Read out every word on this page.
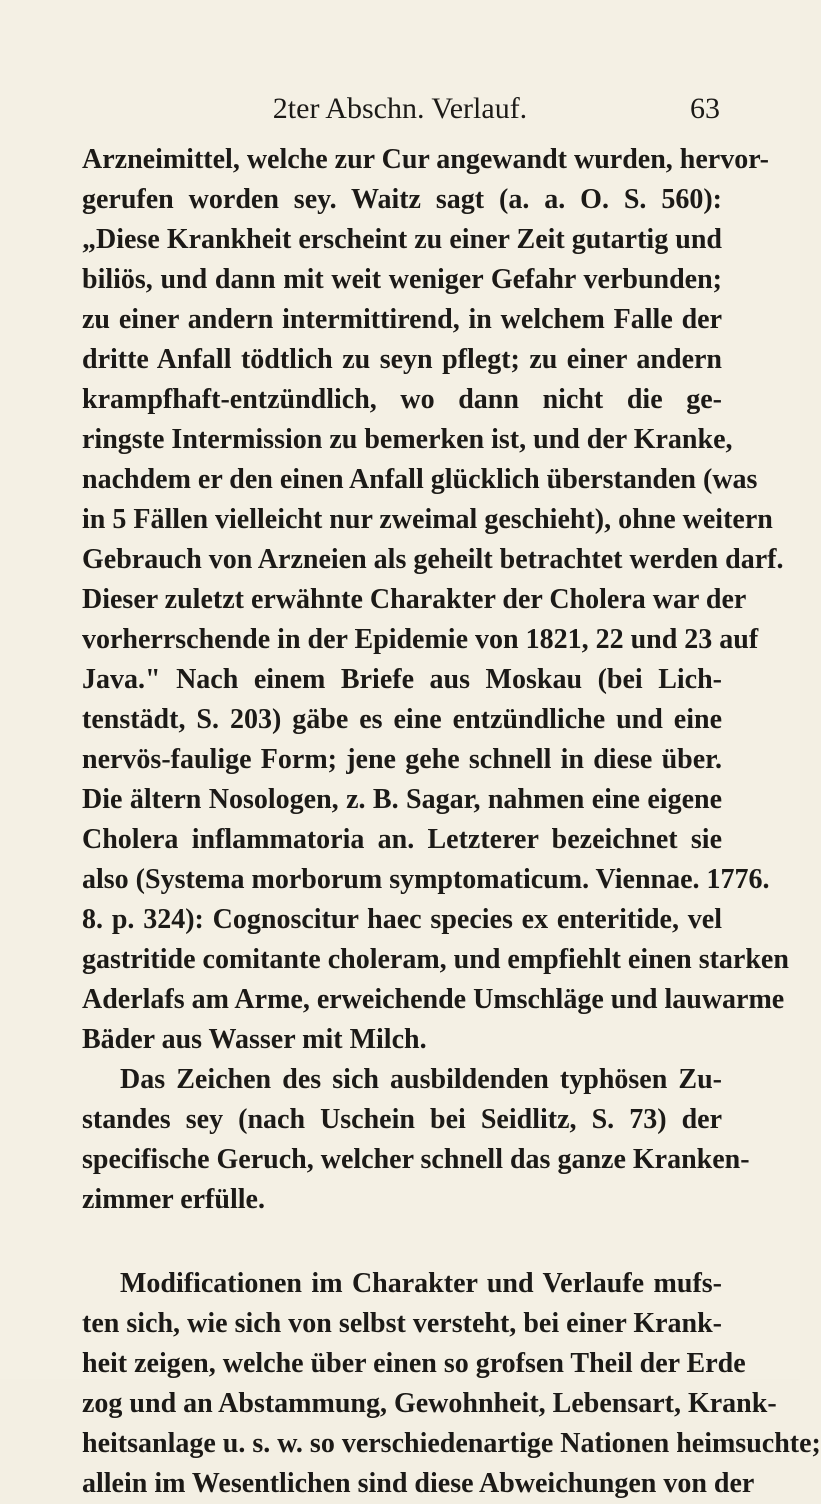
2ter Abschn. Verlauf.	63
Arzneimittel, welche zur Cur angewandt wurden, hervor-
gerufen worden sey. Waitz sagt (a. a. O. S. 560):
„Diese Krankheit erscheint zu einer Zeit gutartig und
biliös, und dann mit weit weniger Gefahr verbunden;
zu einer andern intermittirend, in welchem Falle der
dritte Anfall tödtlich zu seyn pflegt; zu einer andern
krampfhaft-entzündlich, wo dann nicht die ge-
ringste Intermission zu bemerken ist, und der Kranke,
nachdem er den einen Anfall glücklich überstanden (was
in 5 Fällen vielleicht nur zweimal geschieht), ohne weitern
Gebrauch von Arzneien als geheilt betrachtet werden darf.
Dieser zuletzt erwähnte Charakter der Cholera war der
vorherrschende in der Epidemie von 1821, 22 und 23 auf
Java." Nach einem Briefe aus Moskau (bei Lich-
tenstädt, S. 203) gäbe es eine entzündliche und eine
nervös-faulige Form; jene gehe schnell in diese über.
Die ältern Nosologen, z. B. Sagar, nahmen eine eigene
Cholera inflammatoria an. Letzterer bezeichnet sie
also (Systema morborum symptomaticum. Viennae. 1776.
8. p. 324): Cognoscitur haec species ex enteritide, vel
gastritide comitante choleram, und empfiehlt einen starken
Aderlafs am Arme, erweichende Umschläge und lauwarme
Bäder aus Wasser mit Milch.
Das Zeichen des sich ausbildenden typhösen Zu-
standes sey (nach Uschein bei Seidlitz, S. 73) der
specifische Geruch, welcher schnell das ganze Kranken-
zimmer erfülle.
Modificationen im Charakter und Verlaufe mufs-
ten sich, wie sich von selbst versteht, bei einer Krank-
heit zeigen, welche über einen so grofsen Theil der Erde
zog und an Abstammung, Gewohnheit, Lebensart, Krank-
heitsanlage u. s. w. so verschiedenartige Nationen heimsuchte;
allein im Wesentlichen sind diese Abweichungen von der
